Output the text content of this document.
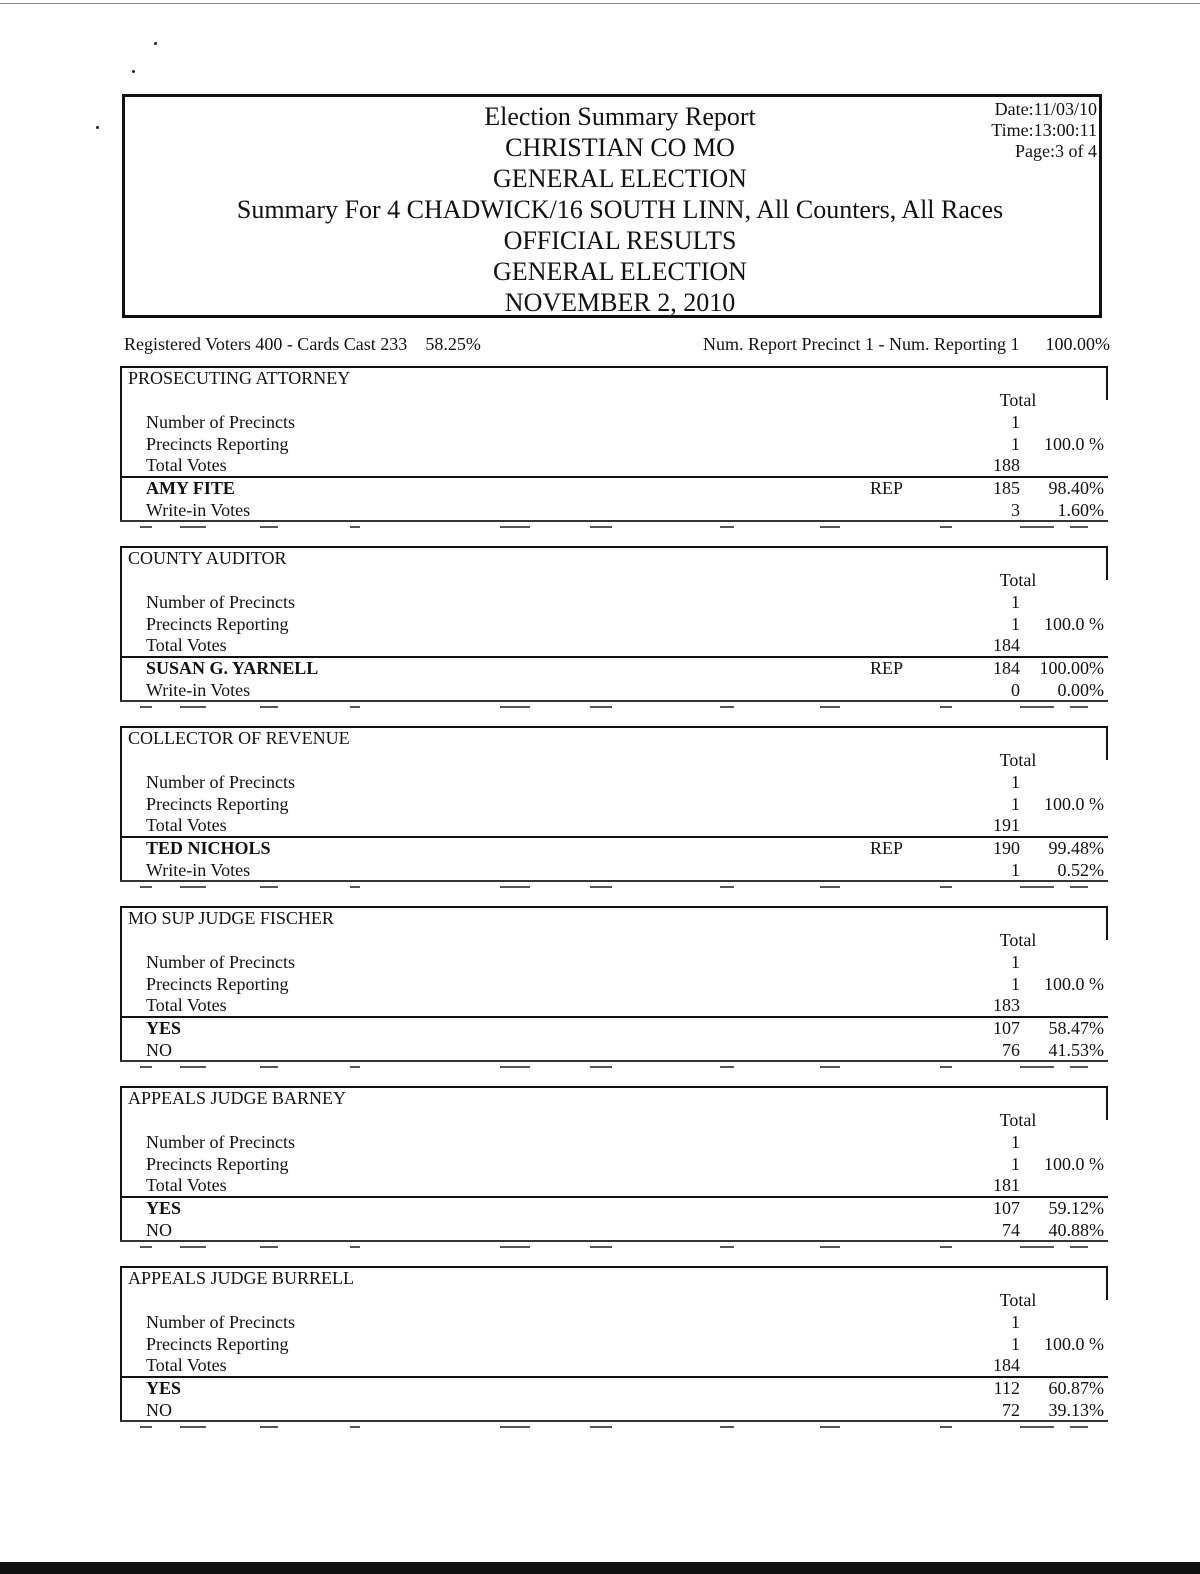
Election Summary Report
CHRISTIAN CO MO
GENERAL ELECTION
Summary For 4 CHADWICK/16 SOUTH LINN, All Counters, All Races
OFFICIAL RESULTS
GENERAL ELECTION
NOVEMBER 2, 2010
Date:11/03/10
Time:13:00:11
Page:3 of 4
Registered Voters 400 - Cards Cast 233 58.25%	Num. Report Precinct 1 - Num. Reporting 1 100.00%
PROSECUTING ATTORNEY
Total
Number of Precincts	1
Precincts Reporting	1 100.0 %
Total Votes	188
AMY FITE	REP	185 98.40%
Write-in Votes	3 1.60%
COUNTY AUDITOR
Total
Number of Precincts	1
Precincts Reporting	1 100.0 %
Total Votes	184
SUSAN G. YARNELL	REP	184 100.00%
Write-in Votes	0 0.00%
COLLECTOR OF REVENUE
Total
Number of Precincts	1
Precincts Reporting	1 100.0 %
Total Votes	191
TED NICHOLS	REP	190 99.48%
Write-in Votes	1 0.52%
MO SUP JUDGE FISCHER
Total
Number of Precincts	1
Precincts Reporting	1 100.0 %
Total Votes	183
YES	107 58.47%
NO	76 41.53%
APPEALS JUDGE BARNEY
Total
Number of Precincts	1
Precincts Reporting	1 100.0 %
Total Votes	181
YES	107 59.12%
NO	74 40.88%
APPEALS JUDGE BURRELL
Total
Number of Precincts	1
Precincts Reporting	1 100.0 %
Total Votes	184
YES	112 60.87%
NO	72 39.13%
